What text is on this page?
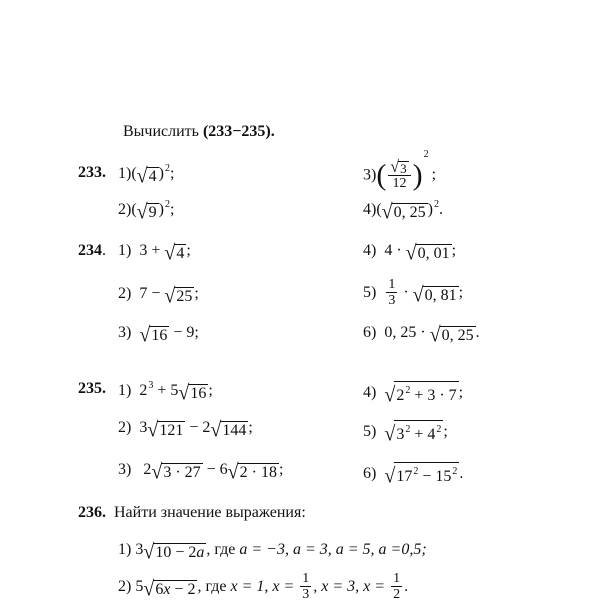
Вычислить (233−235).
233. 1)( √ 4 )$^2$;
2)( √ 9 )$^2$;
$3)( \frac{√ 3}{12} )^2$;
4)( √ 0, 25 )$^2$.
234. 1) 3 + √ 4 ;
2) 7 − √ 25 ;
3) √ 16 − 9;
4) 4 · √ 0, 01 ;
$5) \frac{1}{3}$ · √ 0, 81 ;
6) 0, 25 · √ 0, 25 .
235. 1) $2^3 + 5$ √ 16 ;
2) 3 √ 121 − 2 √ 144 ;
3) 2 √ 3 · 27 − 6 √ 2 · 18 ;
4) √ $2^2 + 3 \cdot 7$ ;
5) √ $3^2 + 4^2$ ;
6) √ $17^2 - 15^2$ .
236. Найти значение выражения:
1) 3 √ 10 − 2a , где a = −3, a = 3, a = 5, a =0,5;
2) 5 √ 6x − 2 , где x = 1, $x = \frac{1}{3}$ , x = 3, $x = \frac{1}{2}$ .
